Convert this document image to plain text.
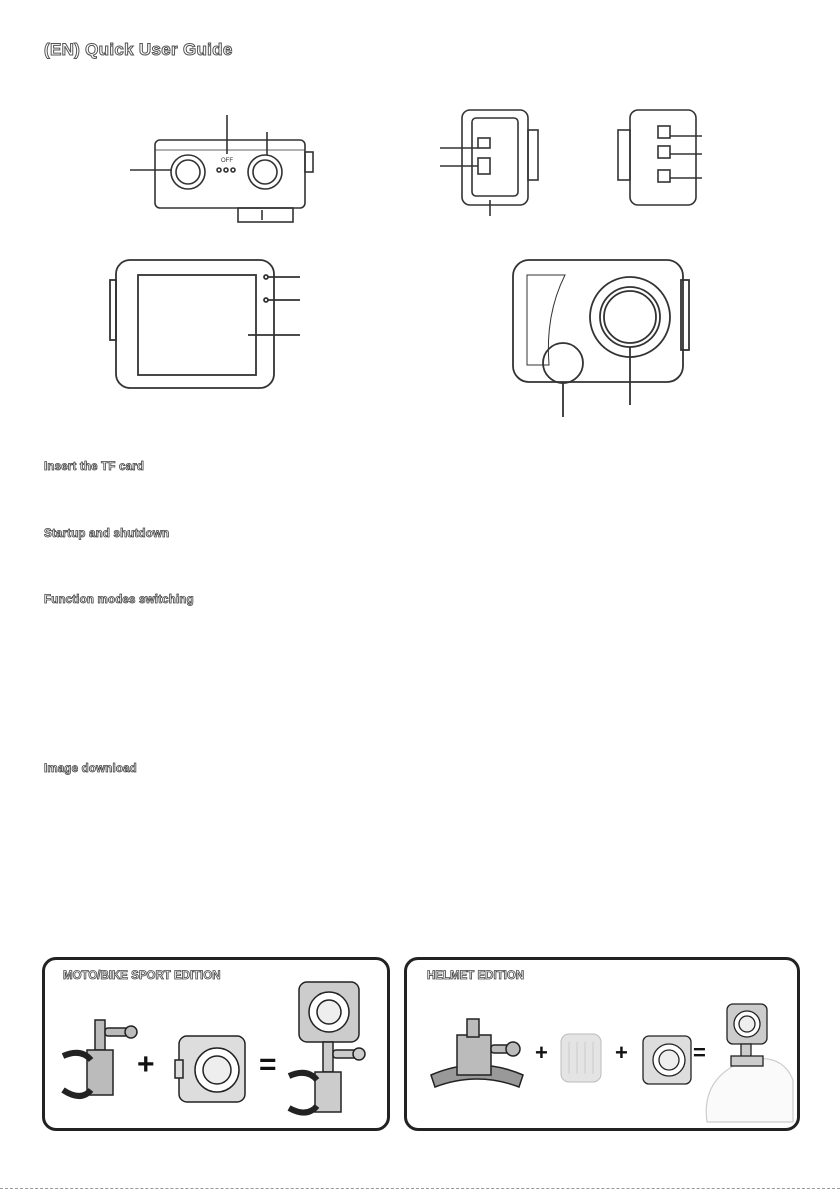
(EN) Quick User Guide
OFF
Insert the TF card
Startup and shutdown
Function modes switching
Image download
MOTO/BIKE SPORT EDITION
+	=
HELMET EDITION
+	+	=
